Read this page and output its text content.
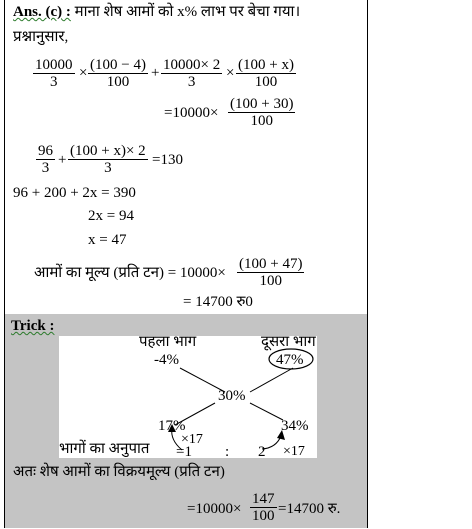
Ans. (c) : माना शेष आमों को x% लाभ पर बेचा गया।
प्रश्नानुसार,
$\frac{10000}{3} \times \frac{(100 - 4)}{100} + \frac{10000\times 2}{3} \times \frac{(100 + x)}{100}$
$=10000\times \frac{(100 + 30)}{100}$
$\frac{96}{3} + \frac{(100 + x)\times 2}{3} =130$
96 + 200 + 2x = 390
2x = 94
x = 47
आमों का मूल्य (प्रति टन) = $10000\times \frac{(100 + 47)}{100}$
= 14700 रु0
Trick :
पहला भाग	दूसरा भाग
-4%	47%
30%
17%	34%
×17
भागों का अनुपात =1 : 2 ×17
अतः शेष आमों का विक्रयमूल्य (प्रति टन)
$=10000\times \frac{147}{100} =14700$ रु.
